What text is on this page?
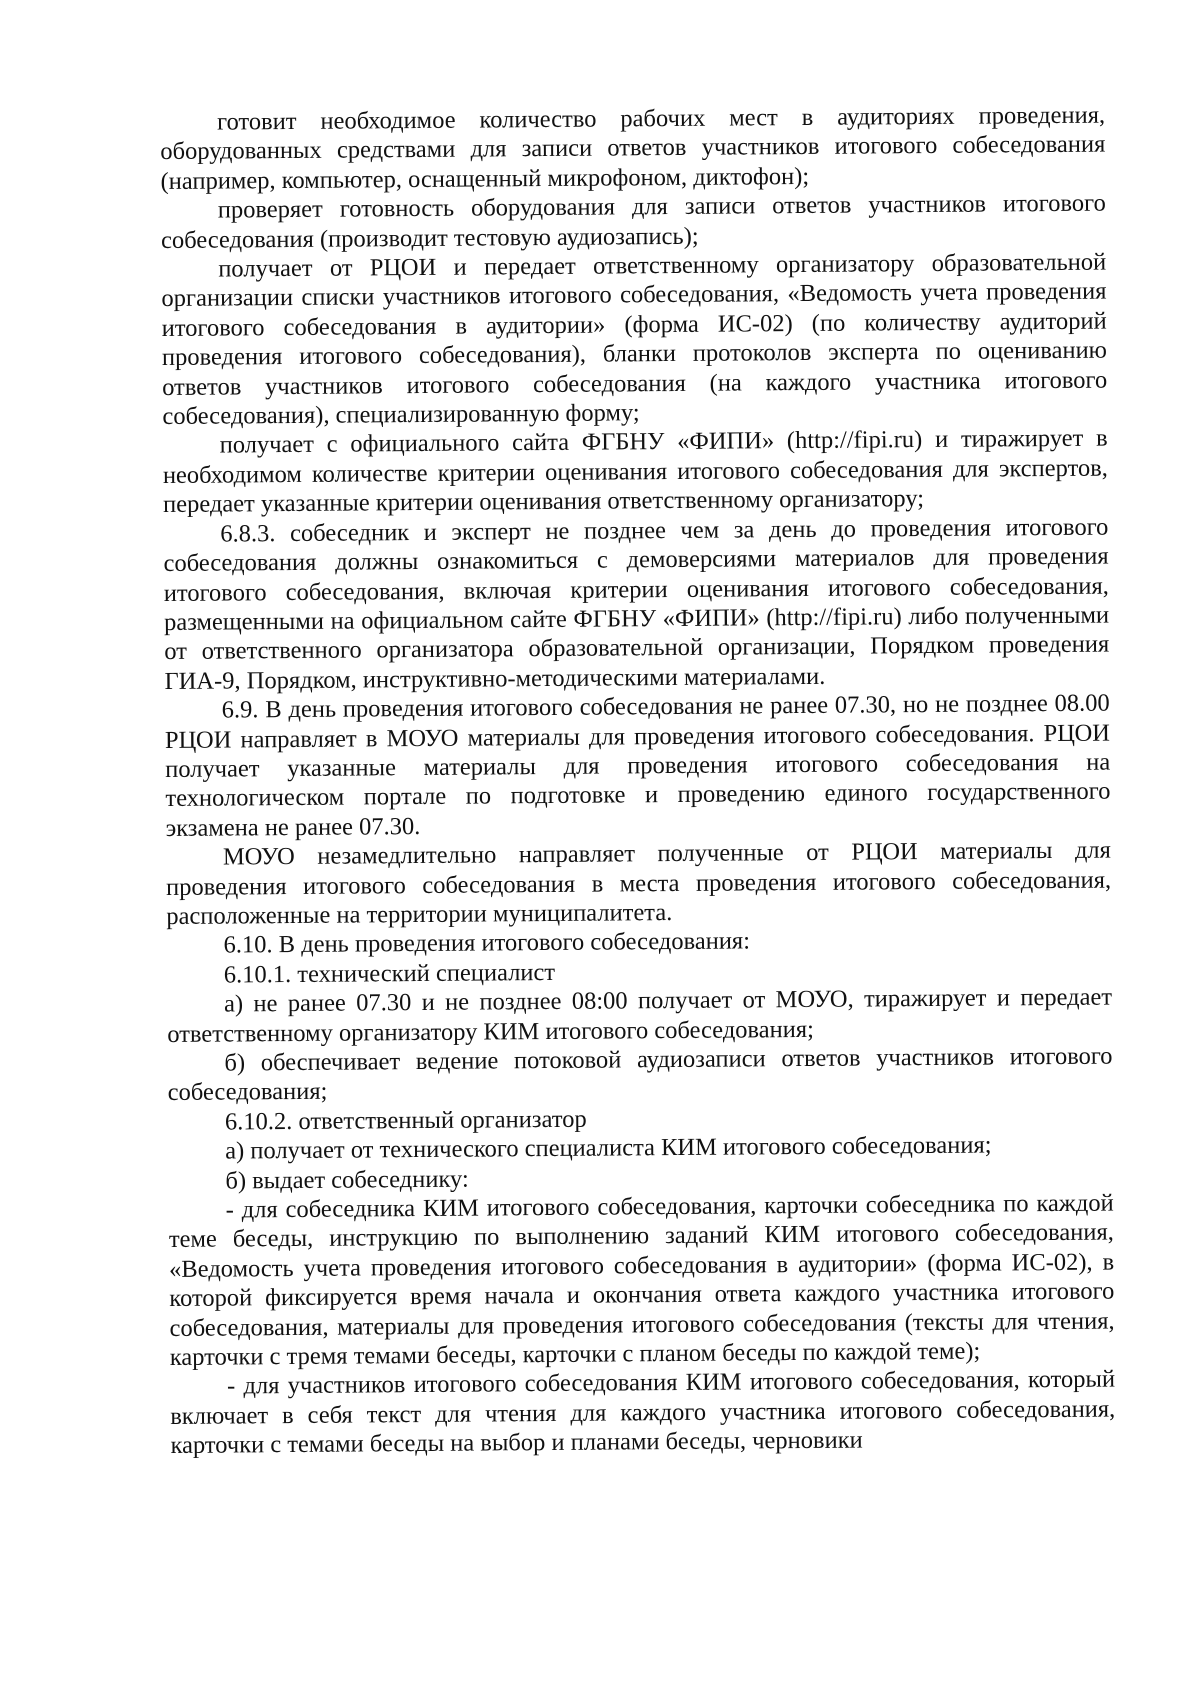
готовит необходимое количество рабочих мест в аудиториях проведения, оборудованных средствами для записи ответов участников итогового собеседования (например, компьютер, оснащенный микрофоном, диктофон);

проверяет готовность оборудования для записи ответов участников итогового собеседования (производит тестовую аудиозапись);

получает от РЦОИ и передает ответственному организатору образовательной организации списки участников итогового собеседования, «Ведомость учета проведения итогового собеседования в аудитории» (форма ИС-02) (по количеству аудиторий проведения итогового собеседования), бланки протоколов эксперта по оцениванию ответов участников итогового собеседования (на каждого участника итогового собеседования), специализированную форму;

получает с официального сайта ФГБНУ «ФИПИ» (http://fipi.ru) и тиражирует в необходимом количестве критерии оценивания итогового собеседования для экспертов, передает указанные критерии оценивания ответственному организатору;

6.8.3. собеседник и эксперт не позднее чем за день до проведения итогового собеседования должны ознакомиться с демоверсиями материалов для проведения итогового собеседования, включая критерии оценивания итогового собеседования, размещенными на официальном сайте ФГБНУ «ФИПИ» (http://fipi.ru) либо полученными от ответственного организатора образовательной организации, Порядком проведения ГИА-9, Порядком, инструктивно-методическими материалами.

6.9. В день проведения итогового собеседования не ранее 07.30, но не позднее 08.00 РЦОИ направляет в МОУО материалы для проведения итогового собеседования. РЦОИ получает указанные материалы для проведения итогового собеседования на технологическом портале по подготовке и проведению единого государственного экзамена не ранее 07.30.

МОУО незамедлительно направляет полученные от РЦОИ материалы для проведения итогового собеседования в места проведения итогового собеседования, расположенные на территории муниципалитета.

6.10. В день проведения итогового собеседования:

6.10.1. технический специалист

а) не ранее 07.30 и не позднее 08:00 получает от МОУО, тиражирует и передает ответственному организатору КИМ итогового собеседования;

б) обеспечивает ведение потоковой аудиозаписи ответов участников итогового собеседования;

6.10.2. ответственный организатор

а) получает от технического специалиста КИМ итогового собеседования;

б) выдает собеседнику:

- для собеседника КИМ итогового собеседования, карточки собеседника по каждой теме беседы, инструкцию по выполнению заданий КИМ итогового собеседования, «Ведомость учета проведения итогового собеседования в аудитории» (форма ИС-02), в которой фиксируется время начала и окончания ответа каждого участника итогового собеседования, материалы для проведения итогового собеседования (тексты для чтения, карточки с тремя темами беседы, карточки с планом беседы по каждой теме);

- для участников итогового собеседования КИМ итогового собеседования, который включает в себя текст для чтения для каждого участника итогового собеседования, карточки с темами беседы на выбор и планами беседы, черновики
